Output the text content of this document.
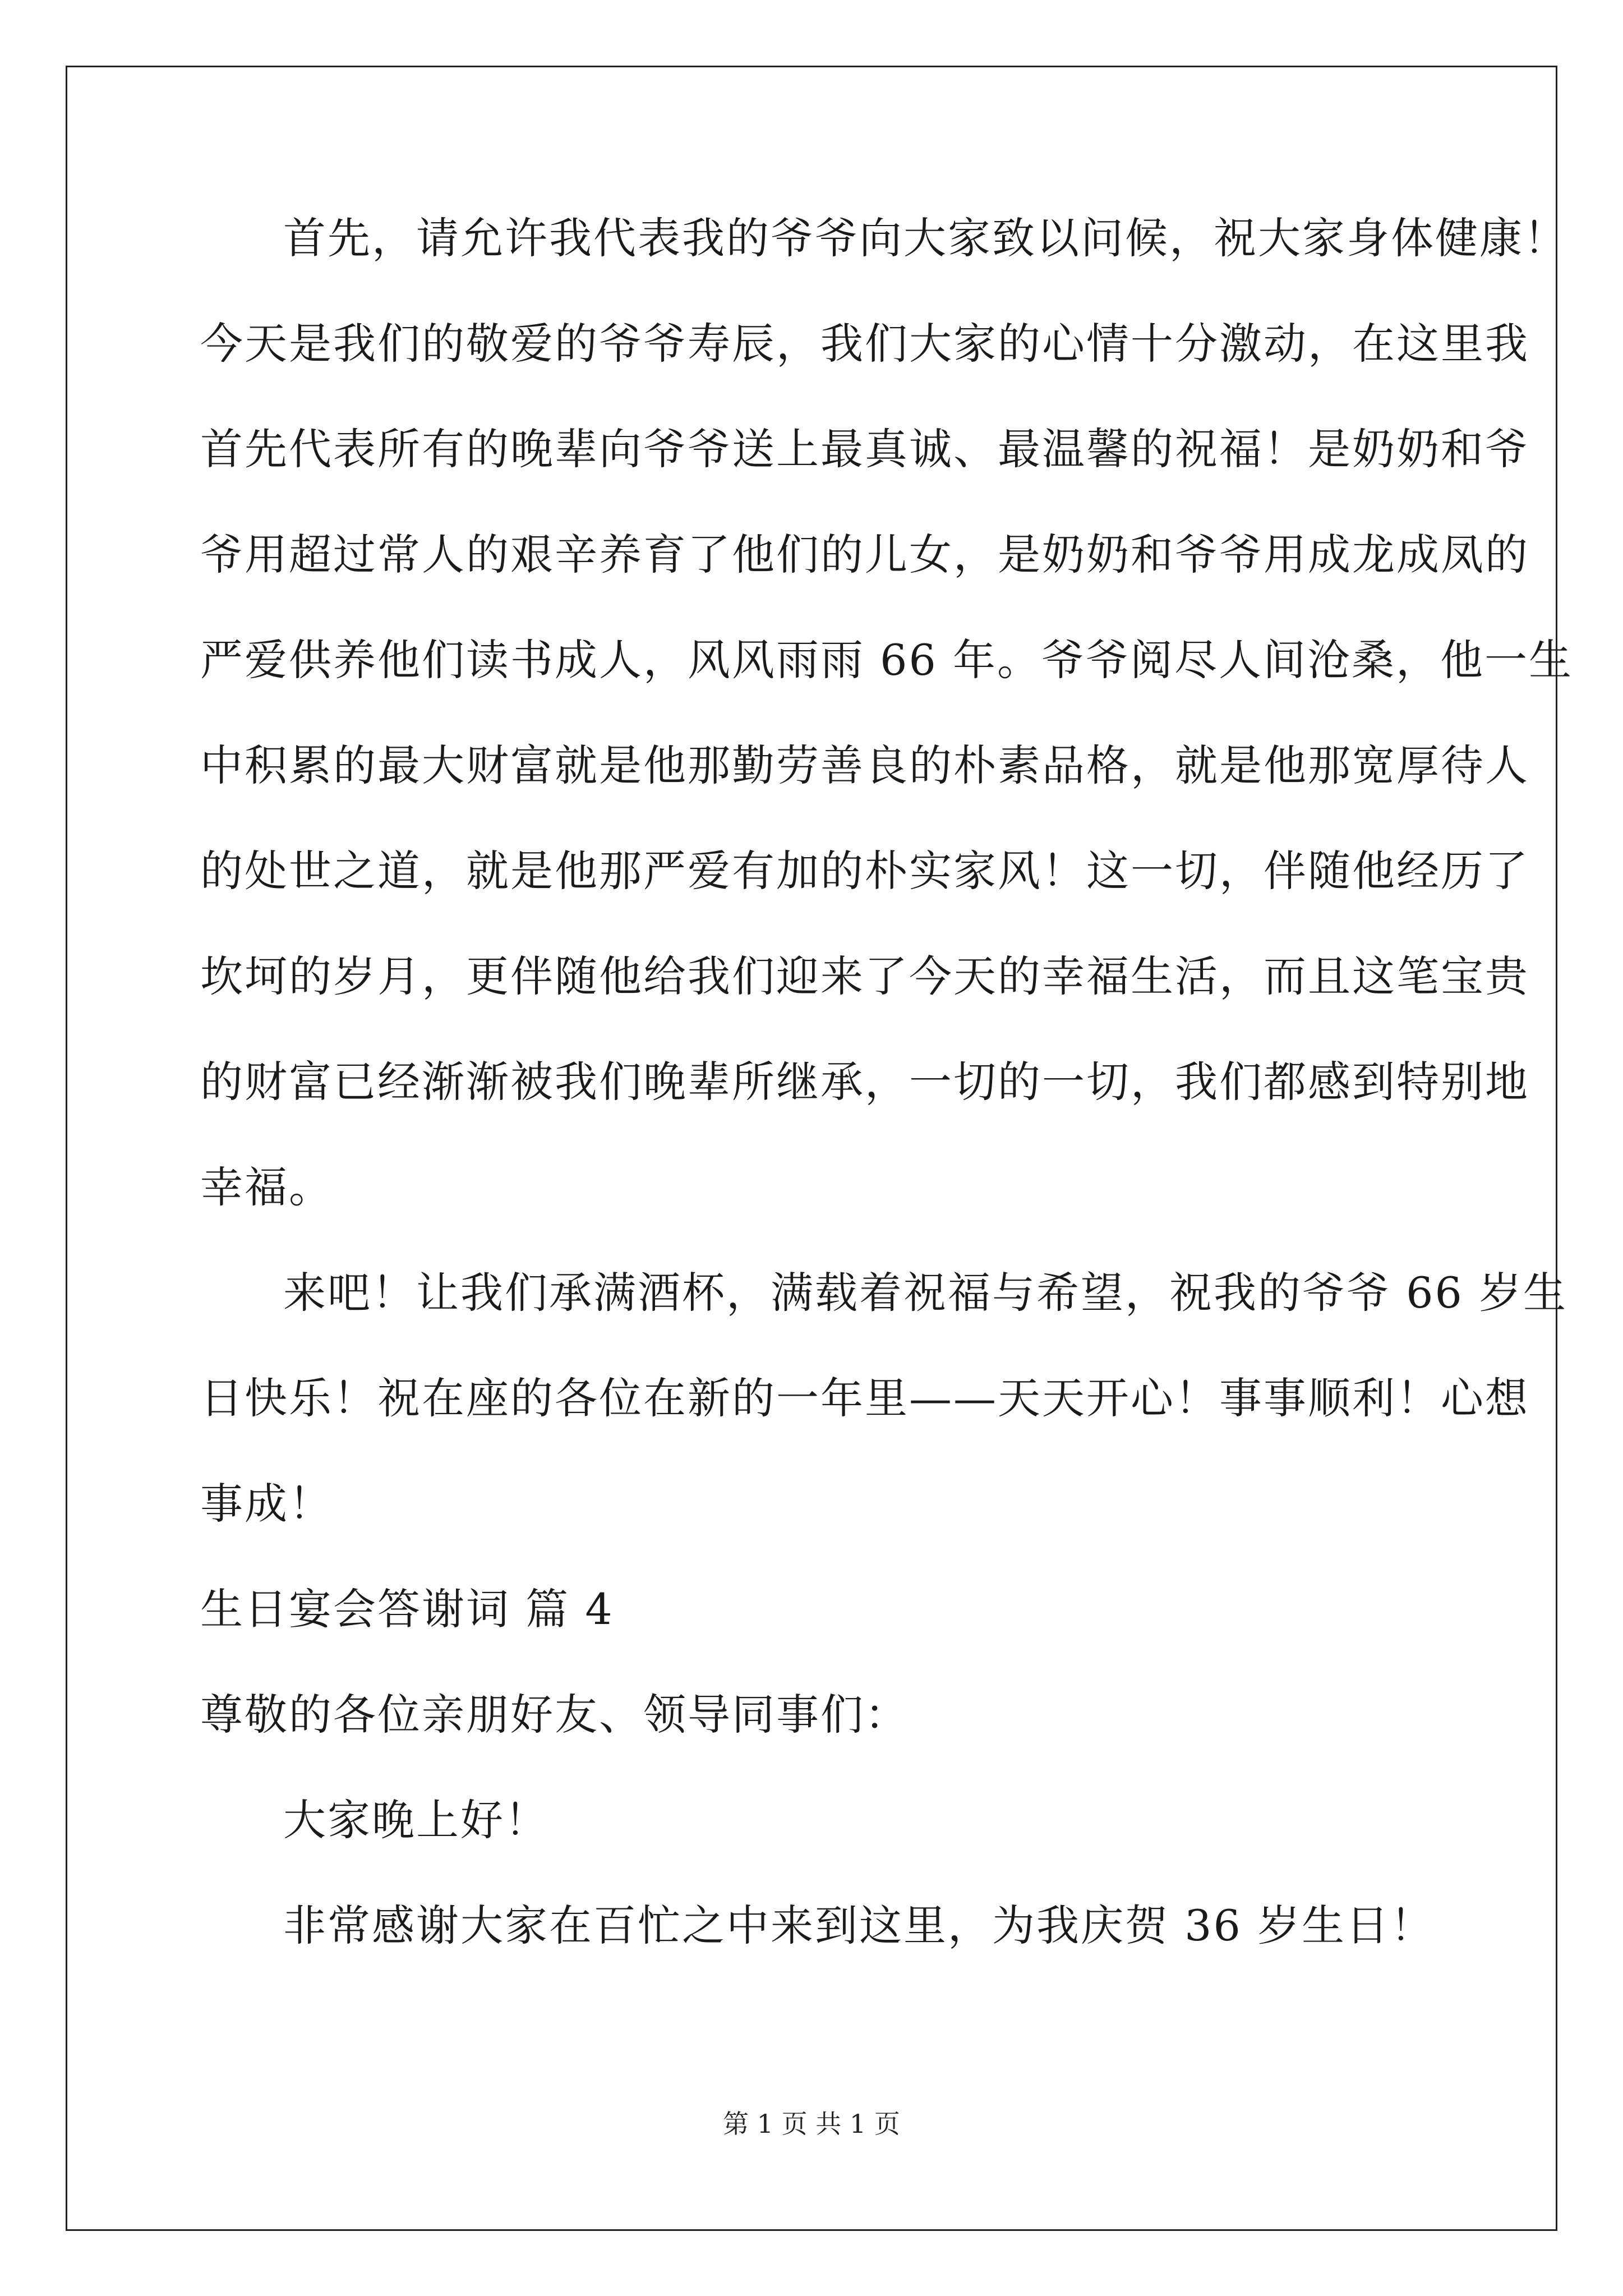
首先，请允许我代表我的爷爷向大家致以问候，祝大家身体健康！
今天是我们的敬爱的爷爷寿辰，我们大家的心情十分激动，在这里我
首先代表所有的晚辈向爷爷送上最真诚、最温馨的祝福！是奶奶和爷
爷用超过常人的艰辛养育了他们的儿女，是奶奶和爷爷用成龙成凤的
严爱供养他们读书成人，风风雨雨 66 年。爷爷阅尽人间沧桑，他一生
中积累的最大财富就是他那勤劳善良的朴素品格，就是他那宽厚待人
的处世之道，就是他那严爱有加的朴实家风！这一切，伴随他经历了
坎坷的岁月，更伴随他给我们迎来了今天的幸福生活，而且这笔宝贵
的财富已经渐渐被我们晚辈所继承，一切的一切，我们都感到特别地
幸福。
来吧！让我们承满酒杯，满载着祝福与希望，祝我的爷爷 66 岁生
日快乐！祝在座的各位在新的一年里——天天开心！事事顺利！心想
事成！
生日宴会答谢词 篇 4
尊敬的各位亲朋好友、领导同事们：
大家晚上好！
非常感谢大家在百忙之中来到这里，为我庆贺 36 岁生日！
第 1 页 共 1 页
